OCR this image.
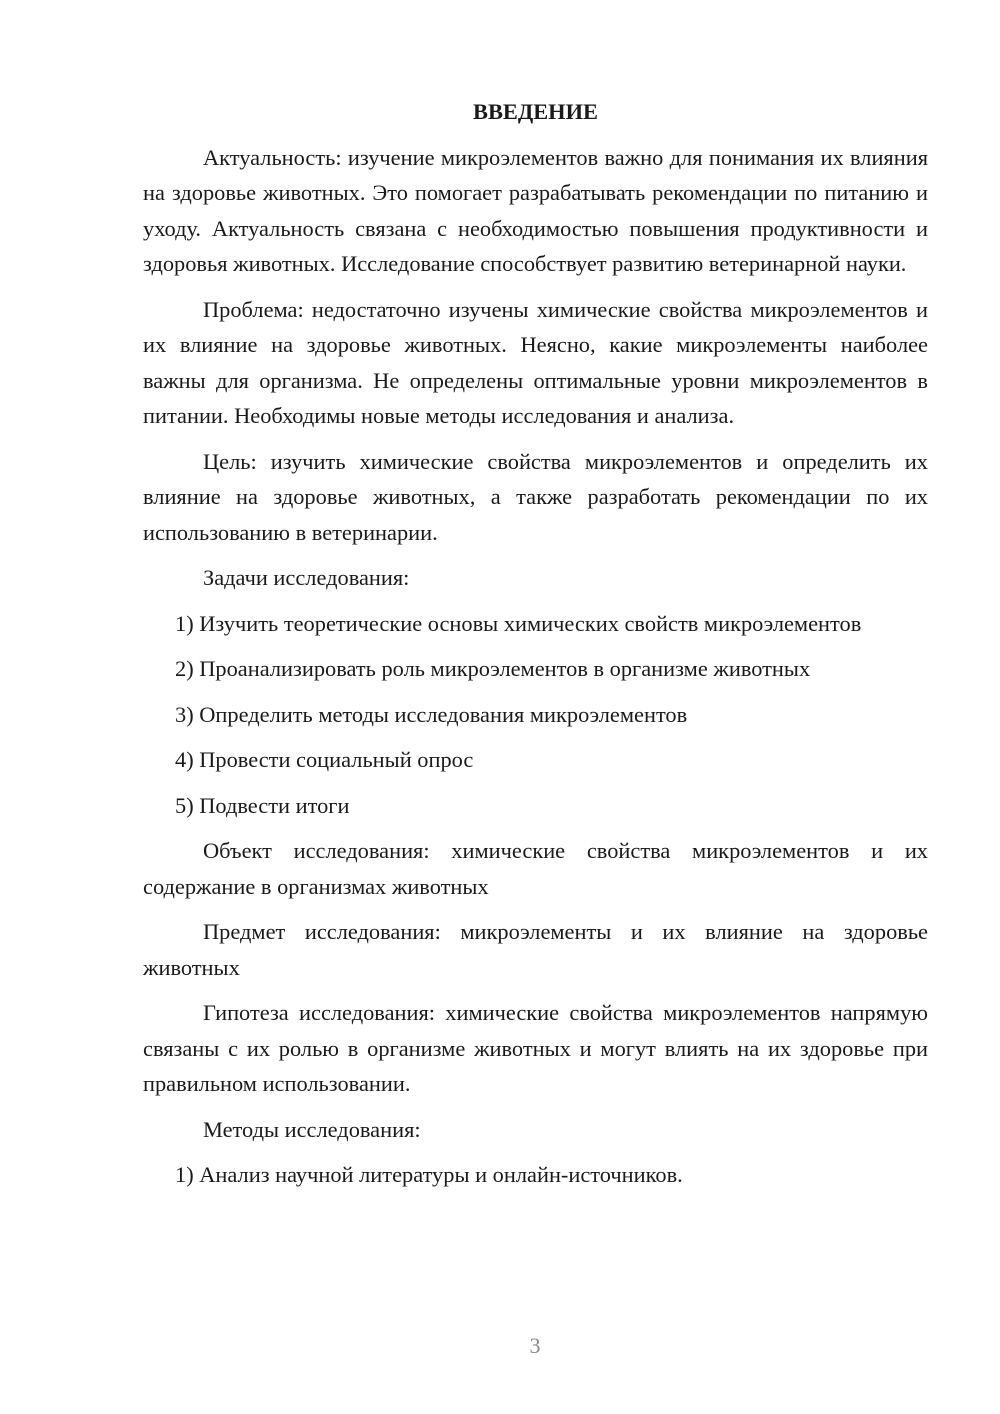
ВВЕДЕНИЕ

Актуальность: изучение микроэлементов важно для понимания их влияния на здоровье животных. Это помогает разрабатывать рекомендации по питанию и уходу. Актуальность связана с необходимостью повышения продуктивности и здоровья животных. Исследование способствует развитию ветеринарной науки.

Проблема: недостаточно изучены химические свойства микроэлементов и их влияние на здоровье животных. Неясно, какие микроэлементы наиболее важны для организма. Не определены оптимальные уровни микроэлементов в питании. Необходимы новые методы исследования и анализа.

Цель: изучить химические свойства микроэлементов и определить их влияние на здоровье животных, а также разработать рекомендации по их использованию в ветеринарии.

Задачи исследования:

1) Изучить теоретические основы химических свойств микроэлементов

2) Проанализировать роль микроэлементов в организме животных

3) Определить методы исследования микроэлементов

4) Провести социальный опрос

5) Подвести итоги

Объект исследования: химические свойства микроэлементов и их содержание в организмах животных

Предмет исследования: микроэлементы и их влияние на здоровье животных

Гипотеза исследования: химические свойства микроэлементов напрямую связаны с их ролью в организме животных и могут влиять на их здоровье при правильном использовании.

Методы исследования:

1) Анализ научной литературы и онлайн-источников.

3
